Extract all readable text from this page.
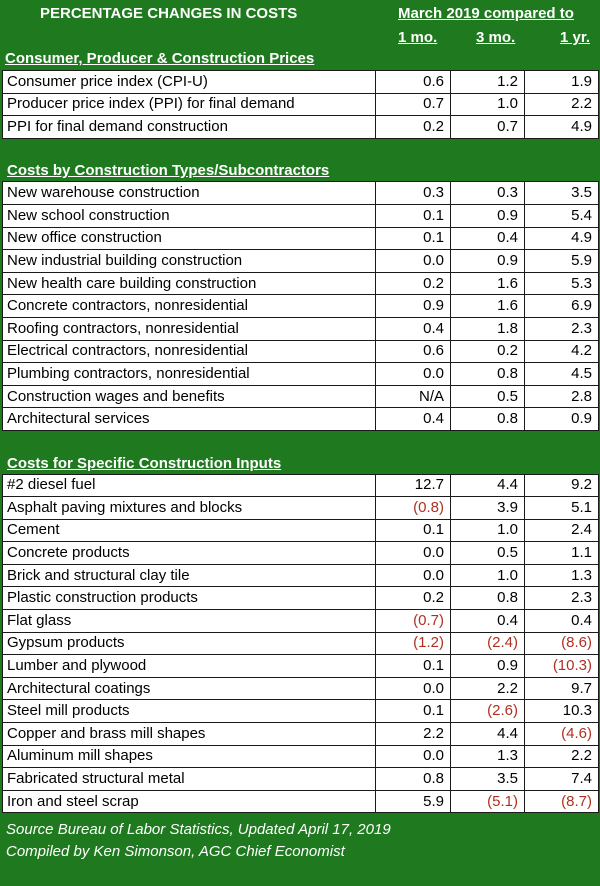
PERCENTAGE CHANGES IN COSTS	March 2019 compared to
1 mo.	3 mo.	1 yr.
Consumer, Producer & Construction Prices
Consumer price index (CPI-U)	0.6	1.2	1.9
Producer price index (PPI) for final demand	0.7	1.0	2.2
PPI for final demand construction	0.2	0.7	4.9

Costs by Construction Types/Subcontractors			
New warehouse construction	0.3	0.3	3.5
New school construction	0.1	0.9	5.4
New office construction	0.1	0.4	4.9
New industrial building construction	0.0	0.9	5.9
New health care building construction	0.2	1.6	5.3
Concrete contractors, nonresidential	0.9	1.6	6.9
Roofing contractors, nonresidential	0.4	1.8	2.3
Electrical contractors, nonresidential	0.6	0.2	4.2
Plumbing contractors, nonresidential	0.0	0.8	4.5
Construction wages and benefits	N/A	0.5	2.8
Architectural services	0.4	0.8	0.9

Costs for Specific Construction Inputs			
#2 diesel fuel	12.7	4.4	9.2
Asphalt paving mixtures and blocks	(0.8)	3.9	5.1
Cement	0.1	1.0	2.4
Concrete products	0.0	0.5	1.1
Brick and structural clay tile	0.0	1.0	1.3
Plastic construction products	0.2	0.8	2.3
Flat glass	(0.7)	0.4	0.4
Gypsum products	(1.2)	(2.4)	(8.6)
Lumber and plywood	0.1	0.9	(10.3)
Architectural coatings	0.0	2.2	9.7
Steel mill products	0.1	(2.6)	10.3
Copper and brass mill shapes	2.2	4.4	(4.6)
Aluminum mill shapes	0.0	1.3	2.2
Fabricated structural metal	0.8	3.5	7.4
Iron and steel scrap	5.9	(5.1)	(8.7)
Source Bureau of Labor Statistics, Updated April 17, 2019
Compiled by Ken Simonson, AGC Chief Economist
